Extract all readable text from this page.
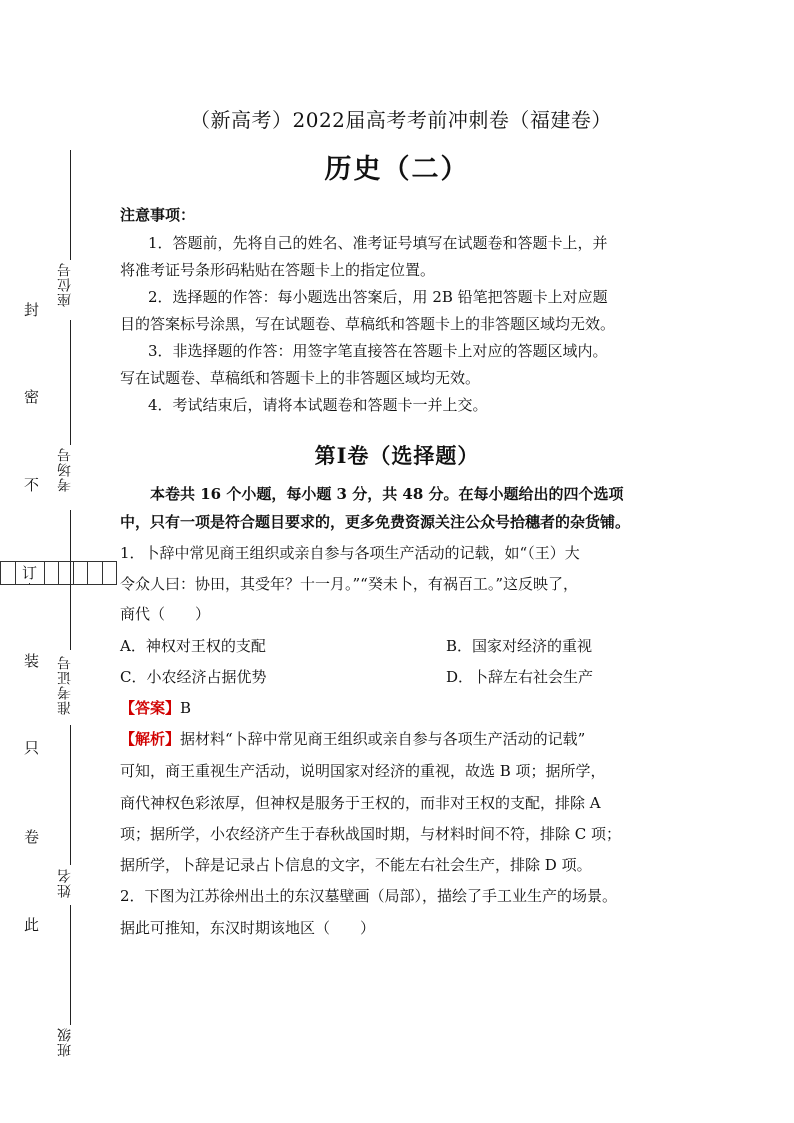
（新高考）2022届高考考前冲刺卷（福建卷）
历史（二）
注意事项：
1．答题前，先将自己的姓名、准考证号填写在试题卷和答题卡上，并
将准考证号条形码粘贴在答题卡上的指定位置。
2．选择题的作答：每小题选出答案后，用 2B 铅笔把答题卡上对应题
目的答案标号涂黑，写在试题卷、草稿纸和答题卡上的非答题区域均无效。
3．非选择题的作答：用签字笔直接答在答题卡上对应的答题区域内。
写在试题卷、草稿纸和答题卡上的非答题区域均无效。
4．考试结束后，请将本试题卷和答题卡一并上交。
第Ⅰ卷（选择题）
本卷共 16 个小题，每小题 3 分，共 48 分。在每小题给出的四个选项
中，只有一项是符合题目要求的，更多免费资源关注公众号拾穗者的杂货铺。
1．卜辞中常见商王组织或亲自参与各项生产活动的记载，如“（王）大
令众人曰：协田，其受年？十一月。”“癸未卜，有祸百工。”这反映了，
商代（　　）
A．神权对王权的支配	B．国家对经济的重视
C．小农经济占据优势	D．卜辞左右社会生产
【答案】B
【解析】据材料“卜辞中常见商王组织或亲自参与各项生产活动的记载”
可知，商王重视生产活动，说明国家对经济的重视，故选 B 项；据所学，
商代神权色彩浓厚，但神权是服务于王权的，而非对王权的支配，排除 A
项；据所学，小农经济产生于春秋战国时期，与材料时间不符，排除 C 项；
据所学，卜辞是记录占卜信息的文字，不能左右社会生产，排除 D 项。
2．下图为江苏徐州出土的东汉墓壁画（局部），描绘了手工业生产的场景。
据此可推知，东汉时期该地区（　　）
封
密
不
订
装
只
卷
此
座位号
考场号
准考证号
姓名
班级
